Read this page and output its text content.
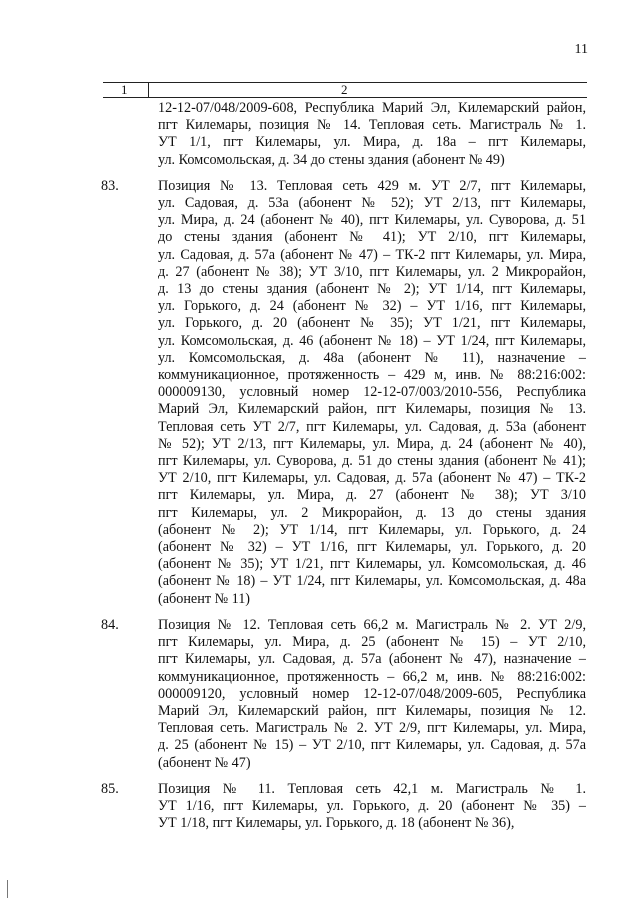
11
1	2
12-12-07/048/2009-608, Республика Марий Эл, Килемарский район,
пгт Килемары, позиция № 14. Тепловая сеть. Магистраль № 1.
УТ 1/1, пгт Килемары, ул. Мира, д. 18а – пгт Килемары,
ул. Комсомольская, д. 34 до стены здания (абонент № 49)
83.	Позиция № 13. Тепловая сеть 429 м. УТ 2/7, пгт Килемары,
ул. Садовая, д. 53а (абонент № 52); УТ 2/13, пгт Килемары,
ул. Мира, д. 24 (абонент № 40), пгт Килемары, ул. Суворова, д. 51
до стены здания (абонент № 41); УТ 2/10, пгт Килемары,
ул. Садовая, д. 57а (абонент № 47) – ТК-2 пгт Килемары, ул. Мира,
д. 27 (абонент № 38); УТ 3/10, пгт Килемары, ул. 2 Микрорайон,
д. 13 до стены здания (абонент № 2); УТ 1/14, пгт Килемары,
ул. Горького, д. 24 (абонент № 32) – УТ 1/16, пгт Килемары,
ул. Горького, д. 20 (абонент № 35); УТ 1/21, пгт Килемары,
ул. Комсомольская, д. 46 (абонент № 18) – УТ 1/24, пгт Килемары,
ул. Комсомольская, д. 48а (абонент № 11), назначение –
коммуникационное, протяженность – 429 м, инв. № 88:216:002:
000009130, условный номер 12-12-07/003/2010-556, Республика
Марий Эл, Килемарский район, пгт Килемары, позиция № 13.
Тепловая сеть УТ 2/7, пгт Килемары, ул. Садовая, д. 53а (абонент
№ 52); УТ 2/13, пгт Килемары, ул. Мира, д. 24 (абонент № 40),
пгт Килемары, ул. Суворова, д. 51 до стены здания (абонент № 41);
УТ 2/10, пгт Килемары, ул. Садовая, д. 57а (абонент № 47) – ТК-2
пгт Килемары, ул. Мира, д. 27 (абонент № 38); УТ 3/10
пгт Килемары, ул. 2 Микрорайон, д. 13 до стены здания
(абонент № 2); УТ 1/14, пгт Килемары, ул. Горького, д. 24
(абонент № 32) – УТ 1/16, пгт Килемары, ул. Горького, д. 20
(абонент № 35); УТ 1/21, пгт Килемары, ул. Комсомольская, д. 46
(абонент № 18) – УТ 1/24, пгт Килемары, ул. Комсомольская, д. 48а
(абонент № 11)
84.	Позиция № 12. Тепловая сеть 66,2 м. Магистраль № 2. УТ 2/9,
пгт Килемары, ул. Мира, д. 25 (абонент № 15) – УТ 2/10,
пгт Килемары, ул. Садовая, д. 57а (абонент № 47), назначение –
коммуникационное, протяженность – 66,2 м, инв. № 88:216:002:
000009120, условный номер 12-12-07/048/2009-605, Республика
Марий Эл, Килемарский район, пгт Килемары, позиция № 12.
Тепловая сеть. Магистраль № 2. УТ 2/9, пгт Килемары, ул. Мира,
д. 25 (абонент № 15) – УТ 2/10, пгт Килемары, ул. Садовая, д. 57а
(абонент № 47)
85.	Позиция № 11. Тепловая сеть 42,1 м. Магистраль № 1.
УТ 1/16, пгт Килемары, ул. Горького, д. 20 (абонент № 35) –
УТ 1/18, пгт Килемары, ул. Горького, д. 18 (абонент № 36),
